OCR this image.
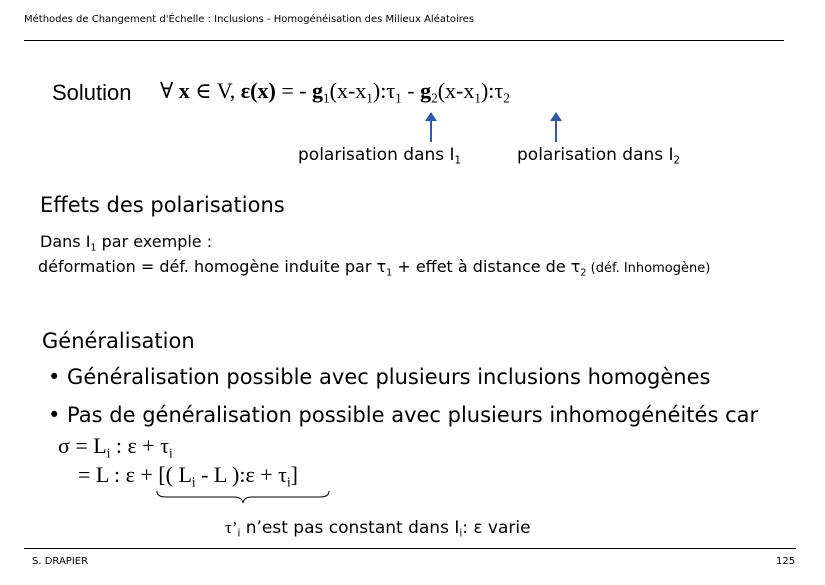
Méthodes de Changement d'Échelle : Inclusions - Homogénéisation des Milieux Aléatoires
Solution ∀ x ∈ V, ε(x) = - $g_1(x-x_1):\tau_1$ - $g_2(x-x_1):\tau_2$
polarisation dans $I_1$	polarisation dans $I_2$
Effets des polarisations
Dans $I_1$ par exemple :
déformation = déf. homogène induite par $\tau_1$ + effet à distance de $\tau_2$ (déf. Inhomogène)
Généralisation
• Généralisation possible avec plusieurs inclusions homogènes
• Pas de généralisation possible avec plusieurs inhomogénéités car
$\sigma = L_i$ : $\varepsilon + \tau_i$
= L : ε + [( $L_i$ - L ):ε + $\tau_i$]
$\tau’_i$ n’est pas constant dans $I_i$: ε varie
S. DRAPIER	125
